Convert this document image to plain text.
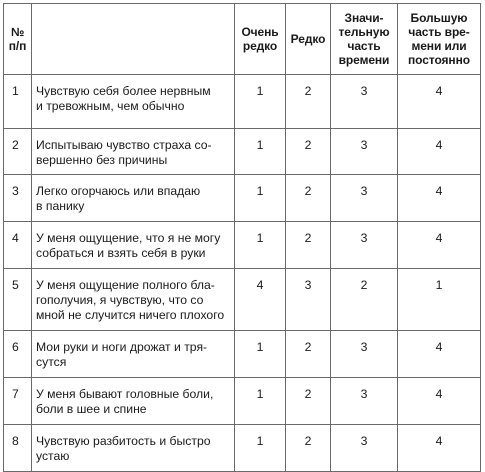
№
п/п		Очень
редко	Редко	Значи-
тельную
часть
времени	Большую
часть вре-
мени или
постоянно
1	Чувствую себя более нервным
и тревожным, чем обычно	1	2	3	4
2	Испытываю чувство страха со-
вершенно без причины	1	2	3	4
3	Легко огорчаюсь или впадаю
в панику	1	2	3	4
4	У меня ощущение, что я не могу
собраться и взять себя в руки	1	2	3	4
5	У меня ощущение полного бла-
гополучия, я чувствую, что со
мной не случится ничего плохого	4	3	2	1
6	Мои руки и ноги дрожат и тря-
сутся	1	2	3	4
7	У меня бывают головные боли,
боли в шее и спине	1	2	3	4
8	Чувствую разбитость и быстро
устаю	1	2	3	4
